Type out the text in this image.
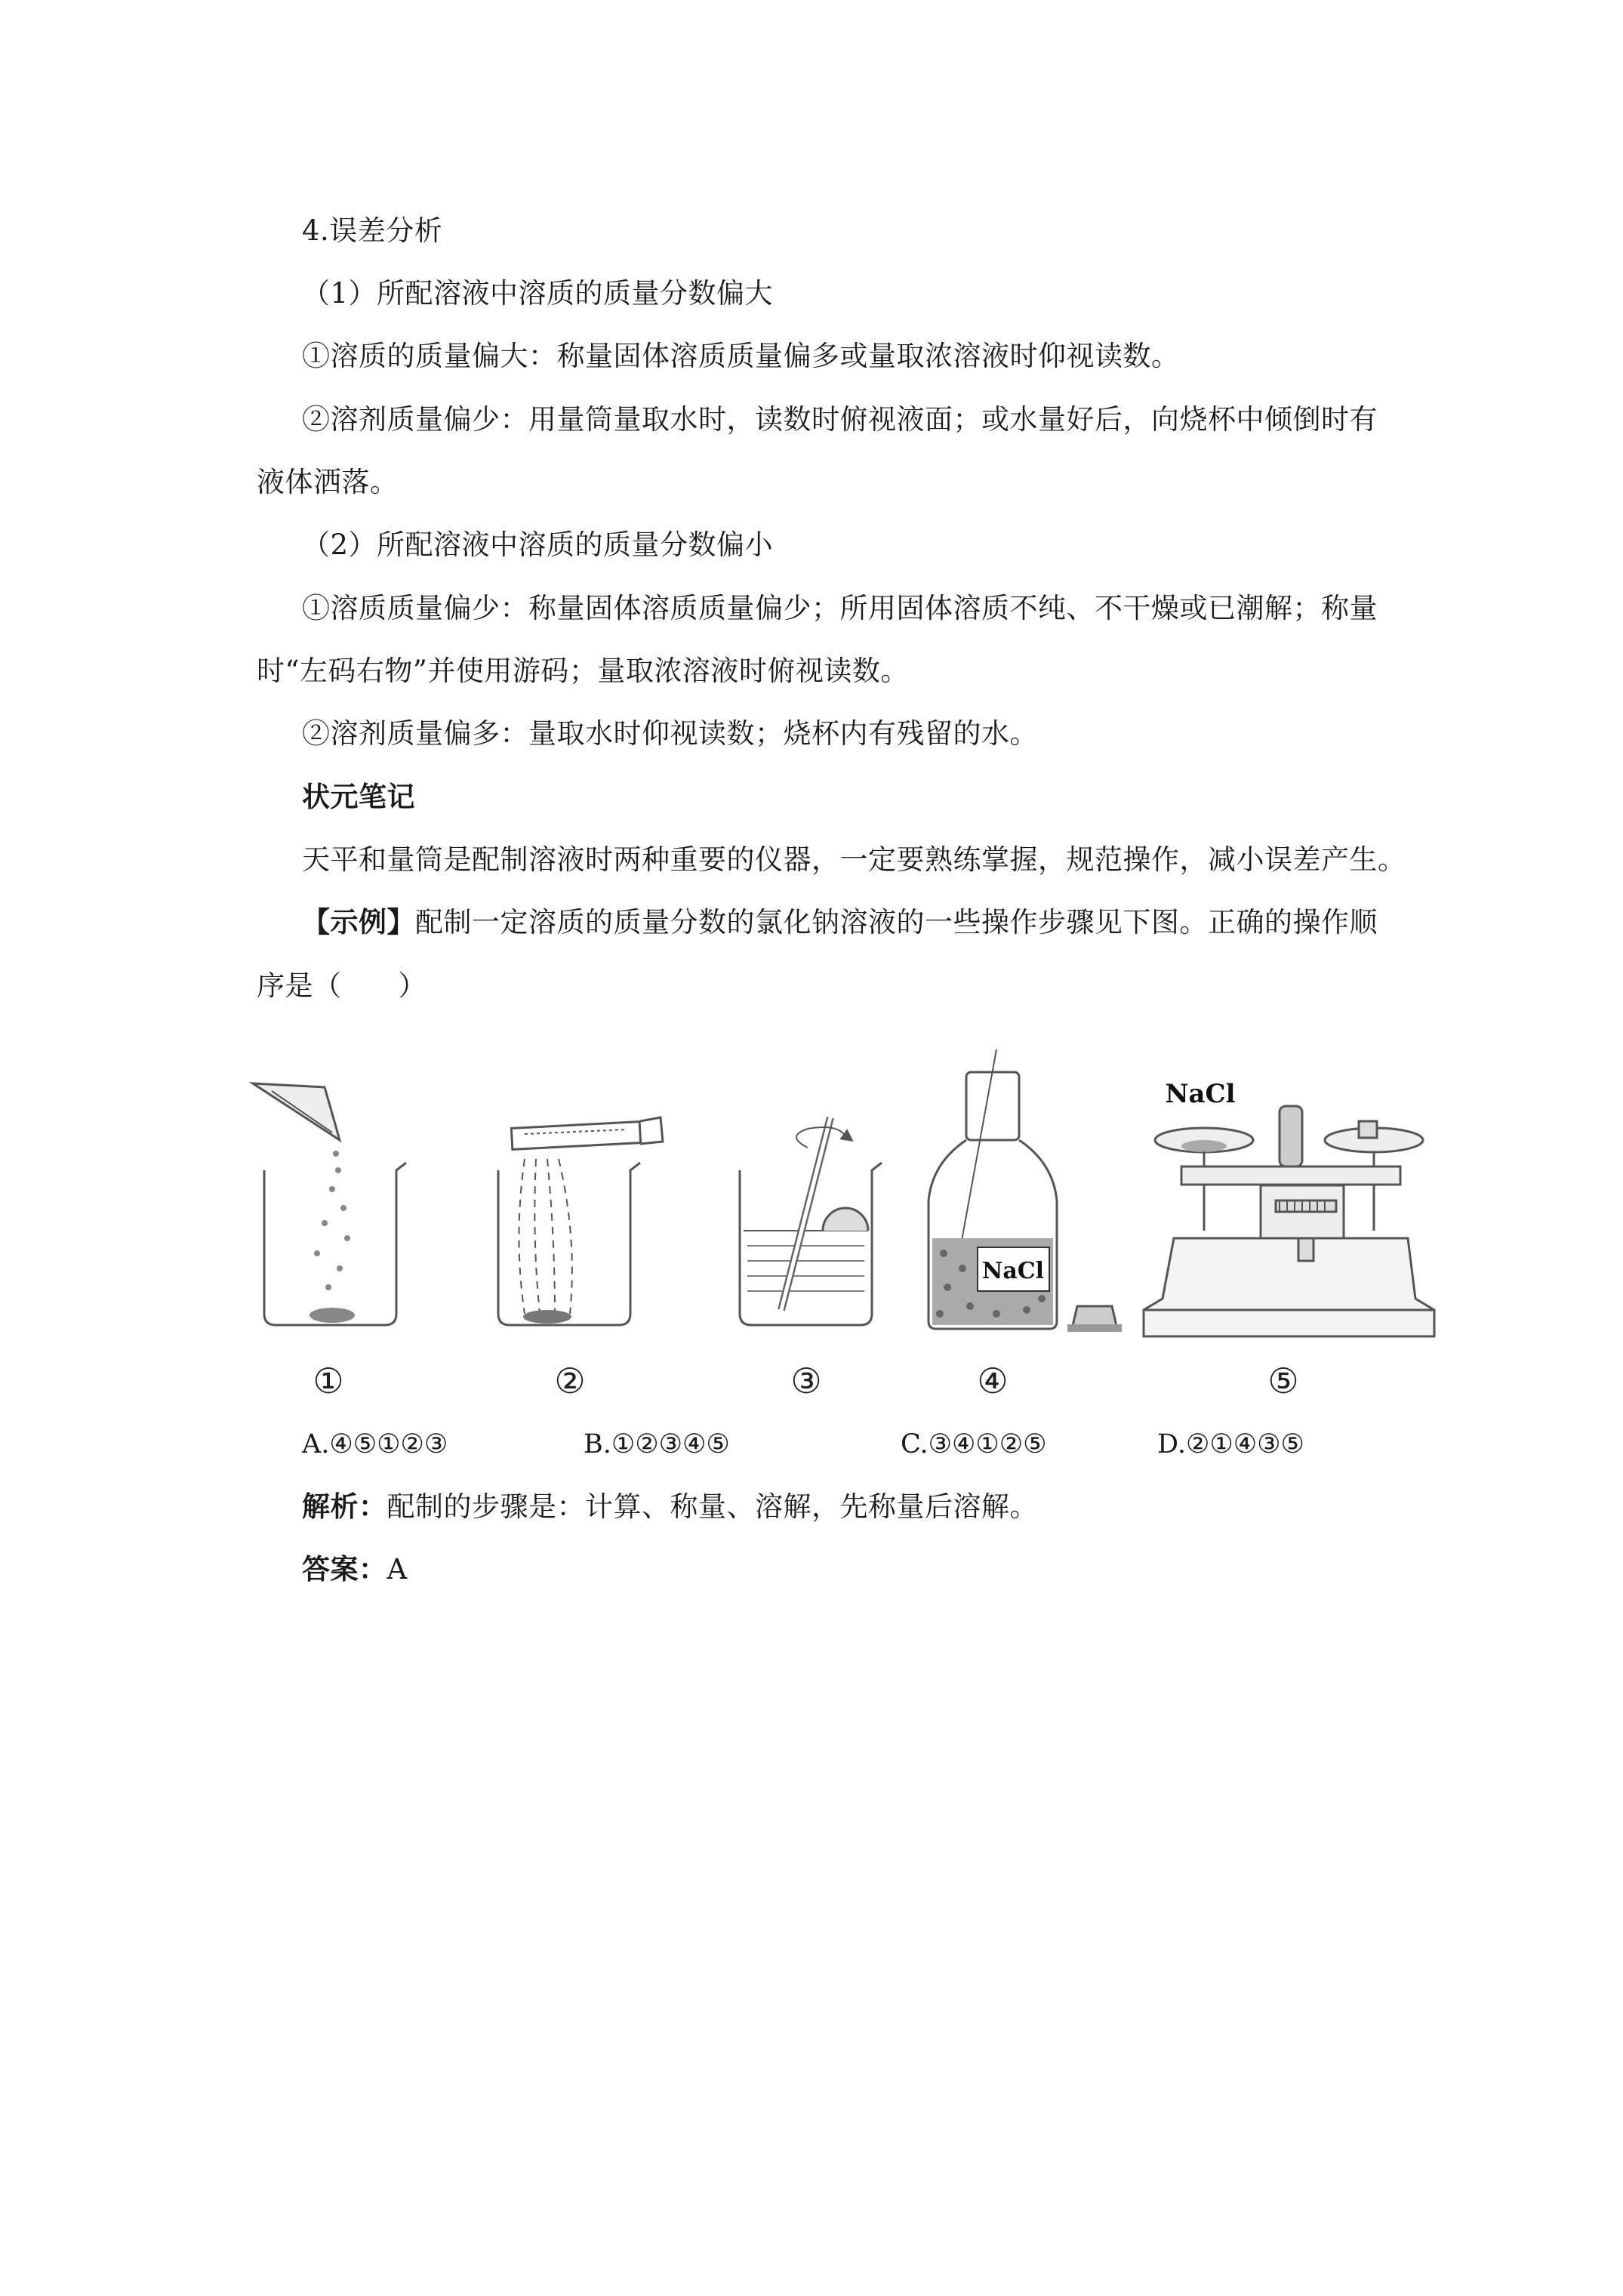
4.误差分析
（1）所配溶液中溶质的质量分数偏大
①溶质的质量偏大：称量固体溶质质量偏多或量取浓溶液时仰视读数。
②溶剂质量偏少：用量筒量取水时，读数时俯视液面；或水量好后，向烧杯中倾倒时有
液体洒落。
（2）所配溶液中溶质的质量分数偏小
①溶质质量偏少：称量固体溶质质量偏少；所用固体溶质不纯、不干燥或已潮解；称量
时“左码右物”并使用游码；量取浓溶液时俯视读数。
②溶剂质量偏多：量取水时仰视读数；烧杯内有残留的水。
状元笔记
天平和量筒是配制溶液时两种重要的仪器，一定要熟练掌握，规范操作，减小误差产生。
【示例】配制一定溶质的质量分数的氯化钠溶液的一些操作步骤见下图。正确的操作顺
序是（　　）
NaCl
NaCl
①	②	③	④	⑤
A.④⑤①②③	B.①②③④⑤	C.③④①②⑤	D.②①④③⑤
解析：配制的步骤是：计算、称量、溶解，先称量后溶解。
答案：A
